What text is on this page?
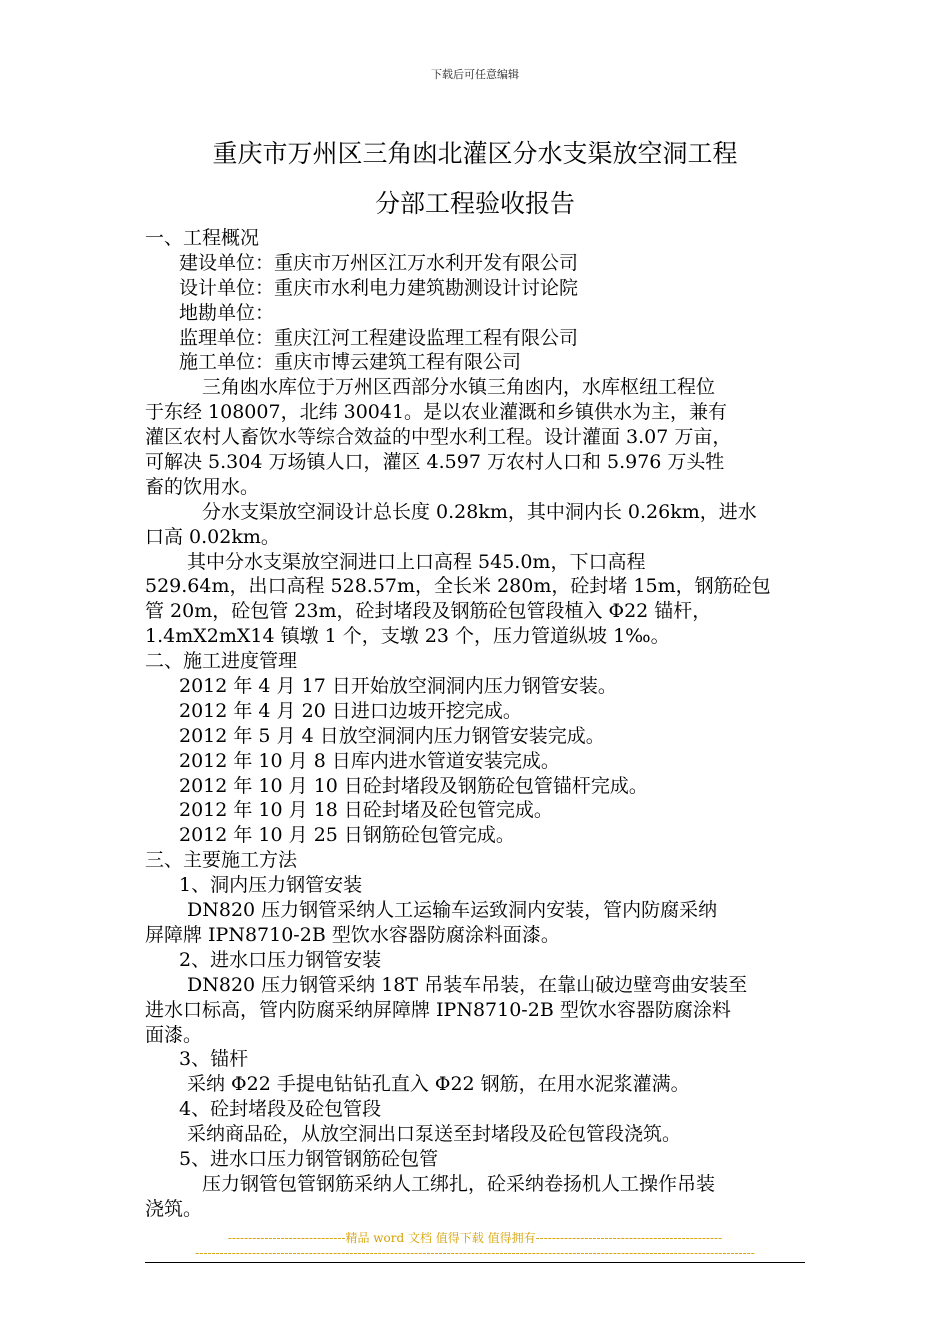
下载后可任意编辑
重庆市万州区三角凼北灌区分水支渠放空洞工程
分部工程验收报告
一、工程概况
建设单位：重庆市万州区江万水利开发有限公司
设计单位：重庆市水利电力建筑勘测设计讨论院
地勘单位：
监理单位：重庆江河工程建设监理工程有限公司
施工单位：重庆市博云建筑工程有限公司
三角凼水库位于万州区西部分水镇三角凼内，水库枢纽工程位
于东经 108007，北纬 30041。是以农业灌溉和乡镇供水为主，兼有
灌区农村人畜饮水等综合效益的中型水利工程。设计灌面 3.07 万亩，
可解决 5.304 万场镇人口，灌区 4.597 万农村人口和 5.976 万头牲
畜的饮用水。
分水支渠放空洞设计总长度 0.28km，其中洞内长 0.26km，进水
口高 0.02km。
其中分水支渠放空洞进口上口高程 545.0m，下口高程
529.64m，出口高程 528.57m，全长米 280m，砼封堵 15m，钢筋砼包
管 20m，砼包管 23m，砼封堵段及钢筋砼包管段植入 Φ22 锚杆，
1.4mX2mX14 镇墩 1 个，支墩 23 个，压力管道纵坡 1‰。
二、施工进度管理
2012 年 4 月 17 日开始放空洞洞内压力钢管安装。
2012 年 4 月 20 日进口边坡开挖完成。
2012 年 5 月 4 日放空洞洞内压力钢管安装完成。
2012 年 10 月 8 日库内进水管道安装完成。
2012 年 10 月 10 日砼封堵段及钢筋砼包管锚杆完成。
2012 年 10 月 18 日砼封堵及砼包管完成。
2012 年 10 月 25 日钢筋砼包管完成。
三、主要施工方法
1、洞内压力钢管安装
DN820 压力钢管采纳人工运输车运致洞内安装，管内防腐采纳
屏障牌 IPN8710-2B 型饮水容器防腐涂料面漆。
2、进水口压力钢管安装
DN820 压力钢管采纳 18T 吊装车吊装，在靠山破边壁弯曲安装至
进水口标高，管内防腐采纳屏障牌 IPN8710-2B 型饮水容器防腐涂料
面漆。
3、锚杆
采纳 Φ22 手提电钻钻孔直入 Φ22 钢筋，在用水泥浆灌满。
4、砼封堵段及砼包管段
采纳商品砼，从放空洞出口泵送至封堵段及砼包管段浇筑。
5、进水口压力钢管钢筋砼包管
压力钢管包管钢筋采纳人工绑扎，砼采纳卷扬机人工操作吊装
浇筑。
-----------------------------精品 word 文档 值得下载 值得拥有----------------------------------------------
------------------------------------------------------------------------------------------------------------------------------------------
